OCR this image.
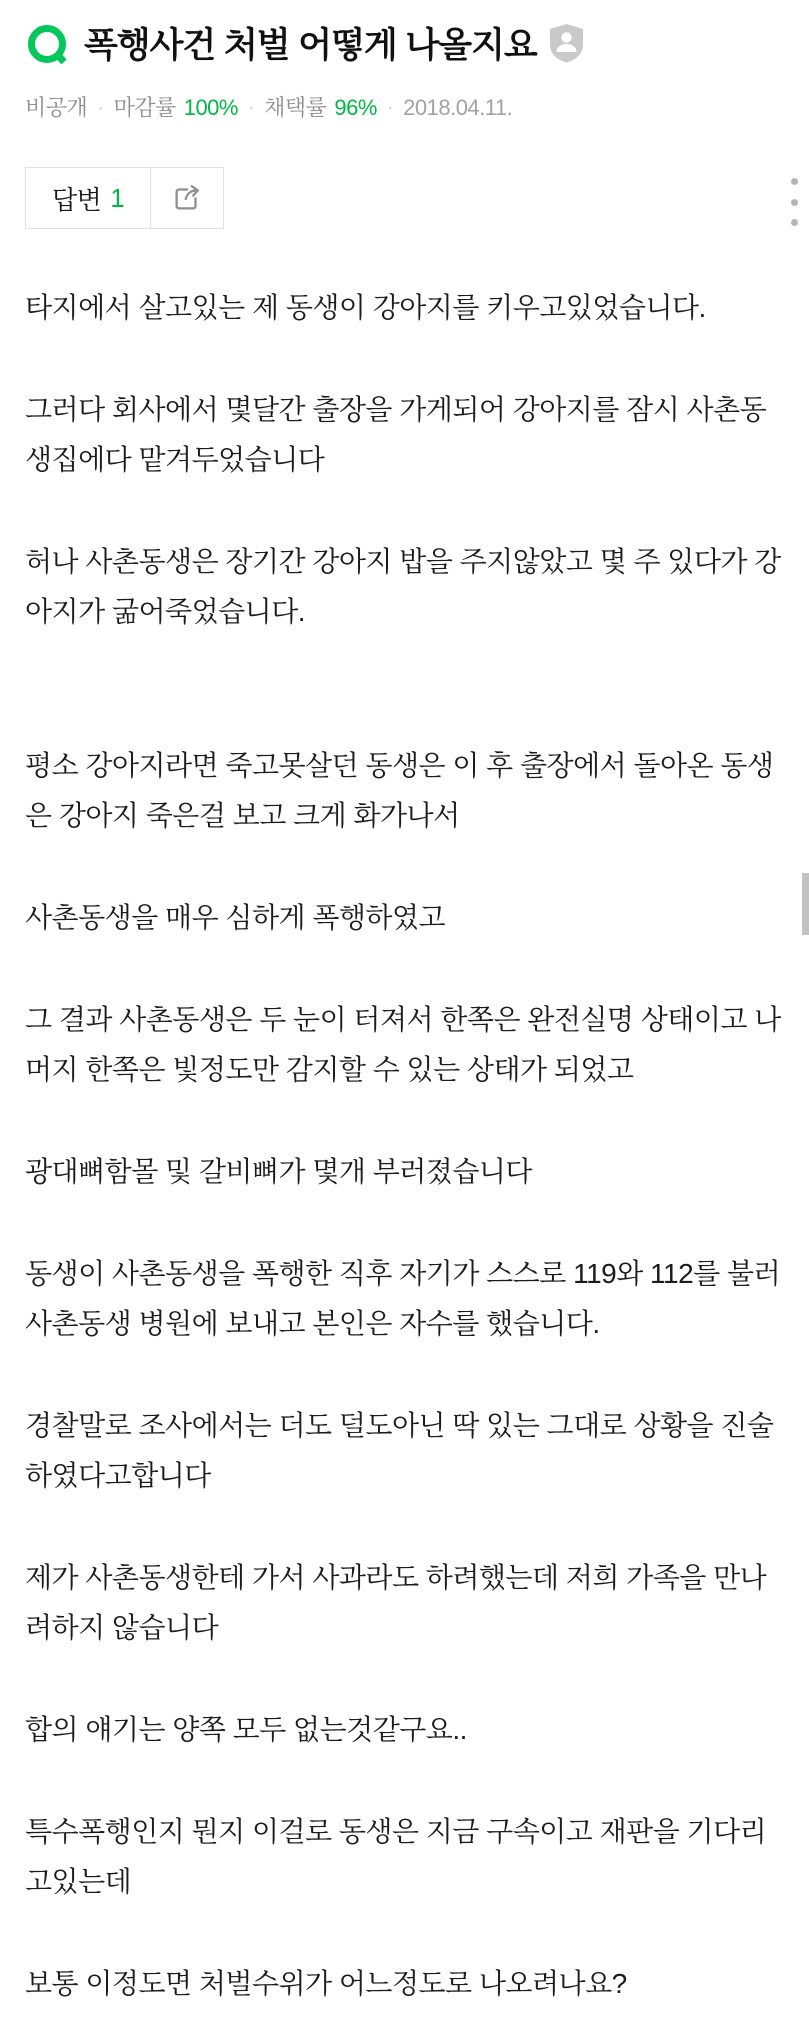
폭행사건 처벌 어떻게 나올지요
비공개 · 마감률 100% · 채택률 96% · 2018.04.11.
답변 1

타지에서 살고있는 제 동생이 강아지를 키우고있었습니다.

그러다 회사에서 몇달간 출장을 가게되어 강아지를 잠시 사촌동생집에다 맡겨두었습니다

허나 사촌동생은 장기간 강아지 밥을 주지않았고 몇 주 있다가 강아지가 굶어죽었습니다.

평소 강아지라면 죽고못살던 동생은 이 후 출장에서 돌아온 동생은 강아지 죽은걸 보고 크게 화가나서

사촌동생을 매우 심하게 폭행하였고

그 결과 사촌동생은 두 눈이 터져서 한쪽은 완전실명 상태이고 나머지 한쪽은 빛정도만 감지할 수 있는 상태가 되었고

광대뼈함몰 및 갈비뼈가 몇개 부러졌습니다

동생이 사촌동생을 폭행한 직후 자기가 스스로 119와 112를 불러 사촌동생 병원에 보내고 본인은 자수를 했습니다.

경찰말로 조사에서는 더도 덜도아닌 딱 있는 그대로 상황을 진술 하였다고합니다

제가 사촌동생한테 가서 사과라도 하려했는데 저희 가족을 만나려하지 않습니다

합의 얘기는 양쪽 모두 없는것같구요..

특수폭행인지 뭔지 이걸로 동생은 지금 구속이고 재판을 기다리고있는데

보통 이정도면 처벌수위가 어느정도로 나오려나요?
